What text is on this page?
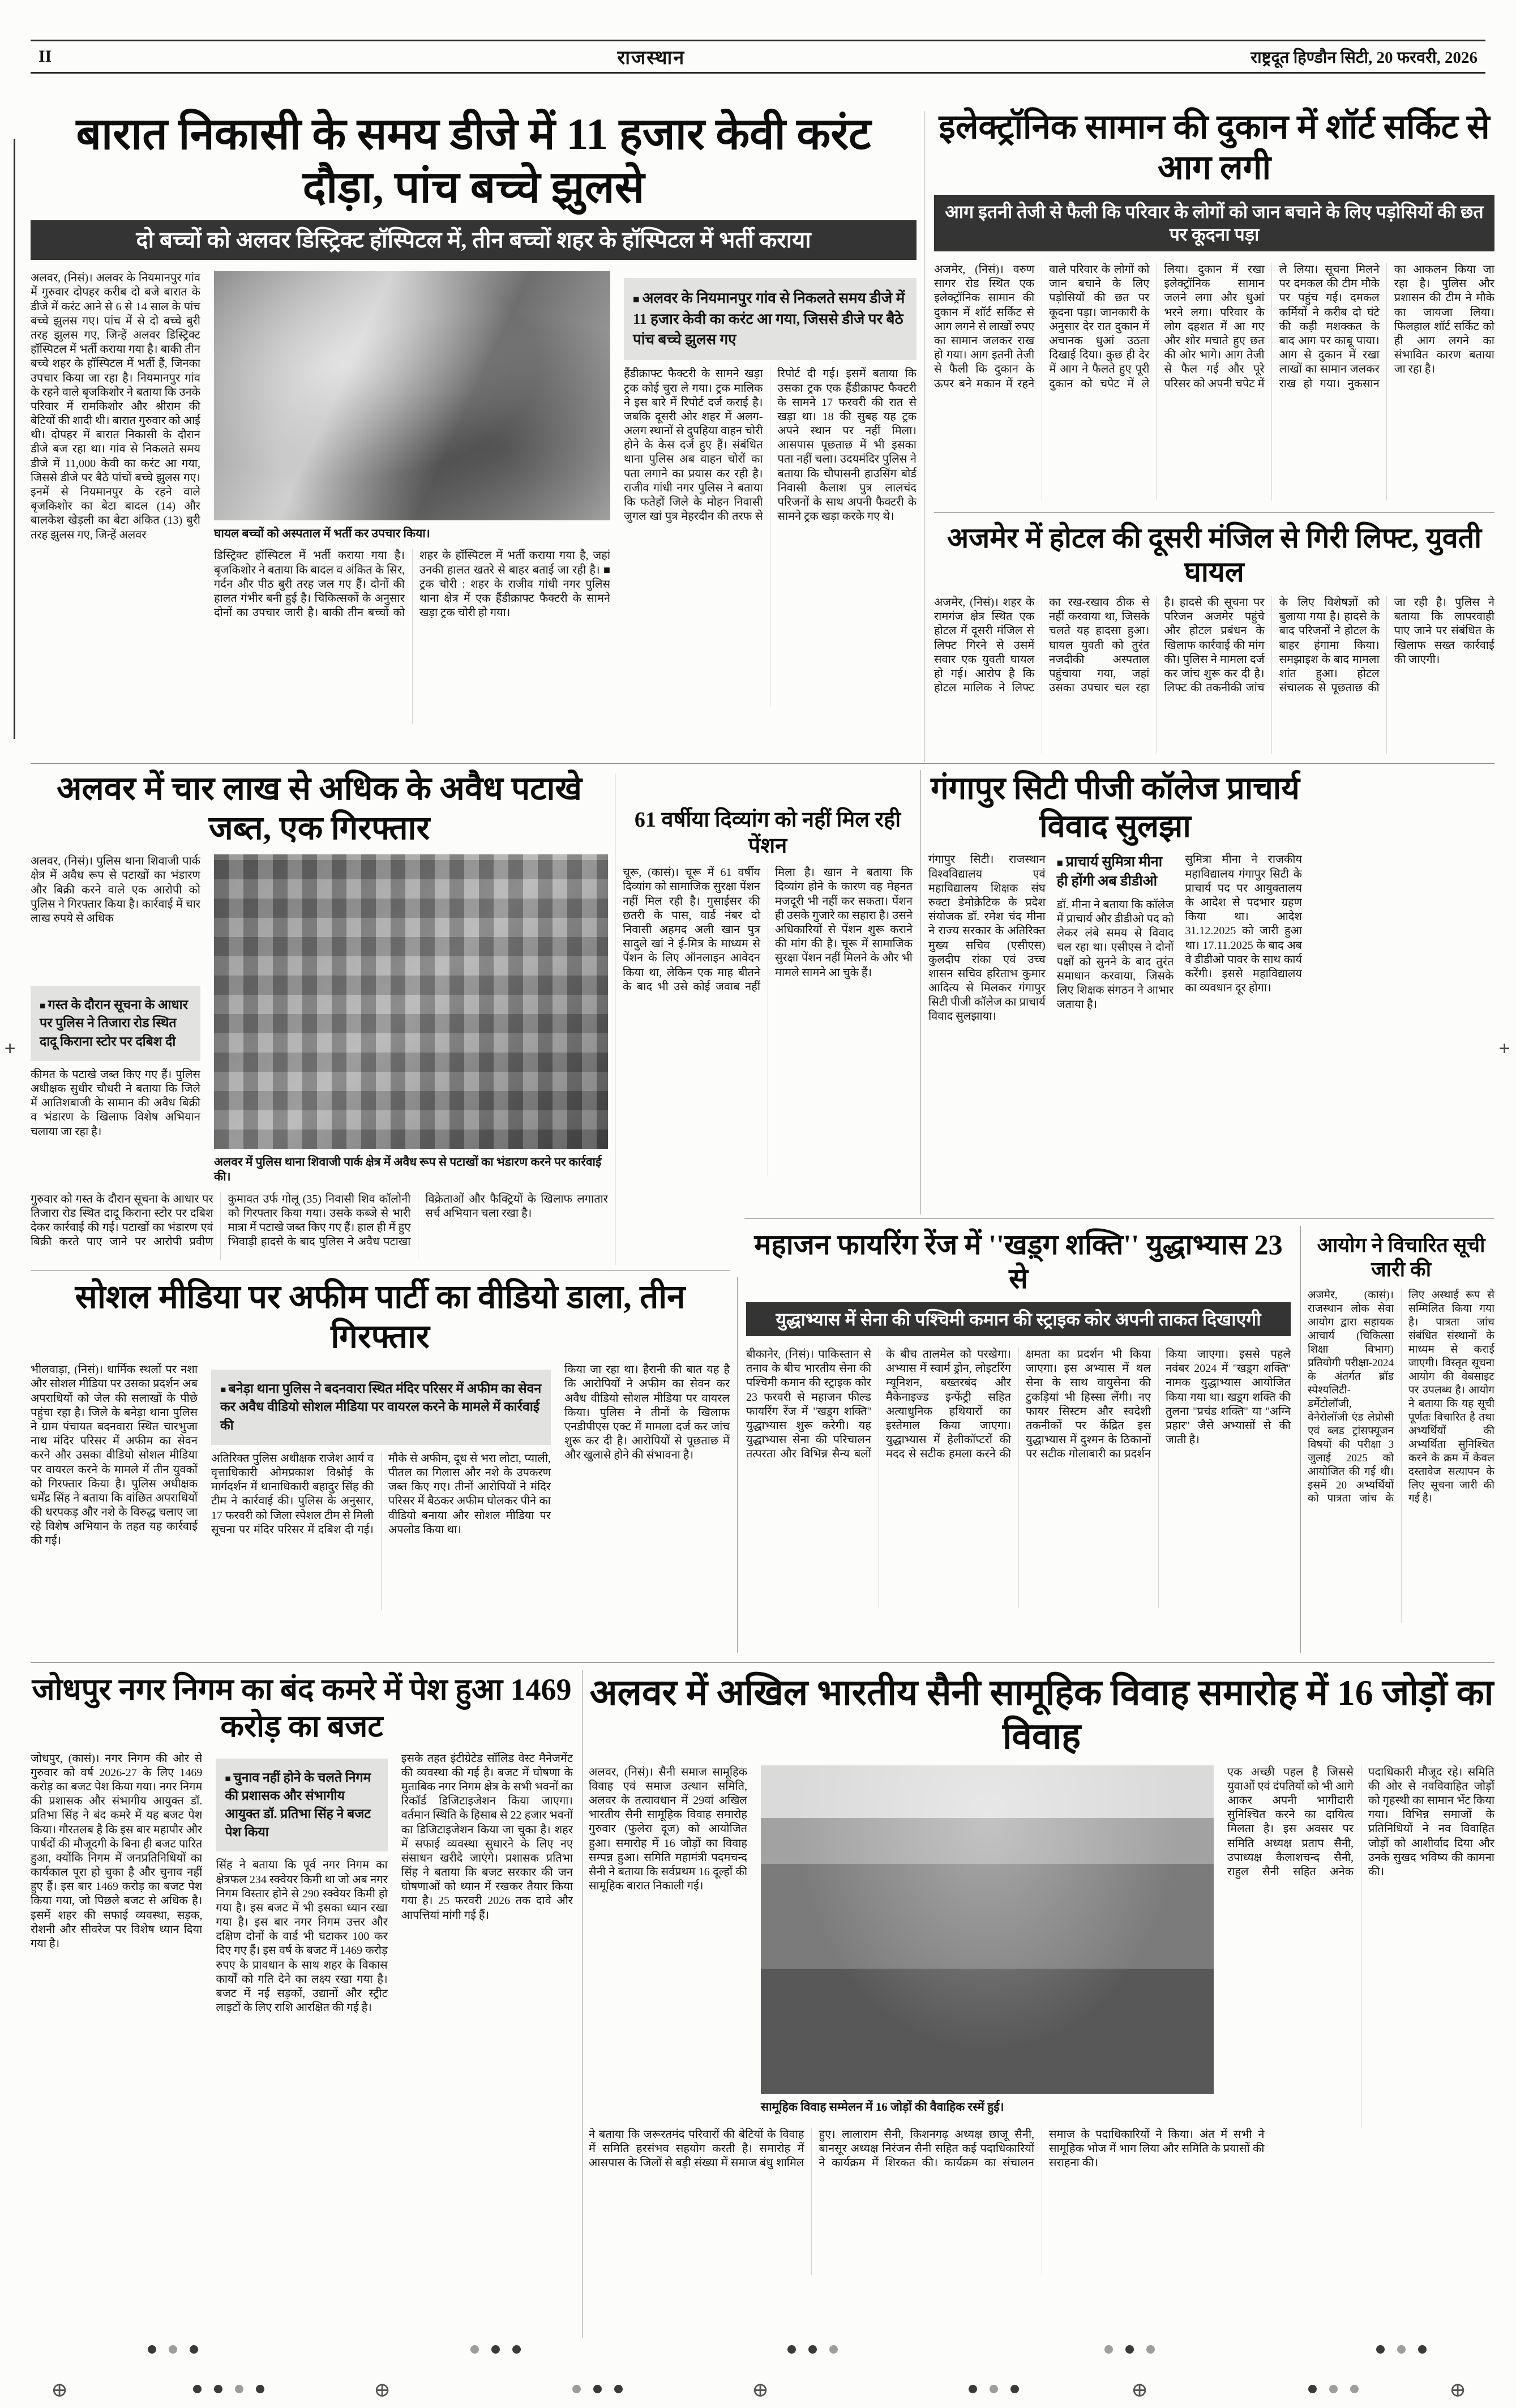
II	राजस्थान	राष्ट्रदूत हिण्डौन सिटी, 20 फरवरी, 2026
+	+
बारात निकासी के समय डीजे में 11 हजार केवी करंट दौड़ा, पांच बच्चे झुलसे
दो बच्चों को अलवर डिस्ट्रिक्ट हॉस्पिटल में, तीन बच्चों शहर के हॉस्पिटल में भर्ती कराया
अलवर, (निसं)। अलवर के नियमानपुर गांव में गुरुवार दोपहर करीब दो बजे बारात के डीजे में करंट आने से 6 से 14 साल के पांच बच्चे झुलस गए। पांच में से दो बच्चे बुरी तरह झुलस गए, जिन्हें अलवर डिस्ट्रिक्ट हॉस्पिटल में भर्ती कराया गया है। बाकी तीन बच्चे शहर के हॉस्पिटल में भर्ती हैं, जिनका उपचार किया जा रहा है। नियमानपुर गांव के रहने वाले बृजकिशोर ने बताया कि उनके परिवार में रामकिशोर और श्रीराम की बेटियों की शादी थी। बारात गुरुवार को आई थी। दोपहर में बारात निकासी के दौरान डीजे बज रहा था। गांव से निकलते समय डीजे में 11,000 केवी का करंट आ गया, जिससे डीजे पर बैठे पांचों बच्चे झुलस गए। इनमें से नियमानपुर के रहने वाले बृजकिशोर का बेटा बादल (14) और बालकेश खेड़ली का बेटा अंकित (13) बुरी तरह झुलस गए, जिन्हें अलवर	घायल बच्चों को अस्पताल में भर्ती कर उपचार किया।
डिस्ट्रिक्ट हॉस्पिटल में भर्ती कराया गया है। बृजकिशोर ने बताया कि बादल व अंकित के सिर, गर्दन और पीठ बुरी तरह जल गए हैं। दोनों की हालत गंभीर बनी हुई है। चिकित्सकों के अनुसार दोनों का उपचार जारी है। बाकी तीन बच्चों को शहर के हॉस्पिटल में भर्ती कराया गया है, जहां उनकी हालत खतरे से बाहर बताई जा रही है। ■ ट्रक चोरी : शहर के राजीव गांधी नगर पुलिस थाना क्षेत्र में एक हैंडीक्राफ्ट फैक्टरी के सामने खड़ा ट्रक चोरी हो गया।
■ अलवर के नियमानपुर गांव से निकलते समय डीजे में 11 हजार केवी का करंट आ गया, जिससे डीजे पर बैठे पांच बच्चे झुलस गए
हैंडीक्राफ्ट फैक्टरी के सामने खड़ा ट्रक कोई चुरा ले गया। ट्रक मालिक ने इस बारे में रिपोर्ट दर्ज कराई है। जबकि दूसरी ओर शहर में अलग-अलग स्थानों से दुपहिया वाहन चोरी होने के केस दर्ज हुए हैं। संबंधित थाना पुलिस अब वाहन चोरों का पता लगाने का प्रयास कर रही है। राजीव गांधी नगर पुलिस ने बताया कि फतेहों जिले के मोहन निवासी जुगल खां पुत्र मेहरदीन की तरफ से रिपोर्ट दी गई। इसमें बताया कि उसका ट्रक एक हैंडीक्राफ्ट फैक्टरी के सामने 17 फरवरी की रात से खड़ा था। 18 की सुबह यह ट्रक अपने स्थान पर नहीं मिला। आसपास पूछताछ में भी इसका पता नहीं चला। उदयमंदिर पुलिस ने बताया कि चौपासनी हाउसिंग बोर्ड निवासी कैलाश पुत्र लालचंद परिजनों के साथ अपनी फैक्टरी के सामने ट्रक खड़ा करके गए थे।
इलेक्ट्रॉनिक सामान की दुकान में शॉर्ट सर्किट से आग लगी
आग इतनी तेजी से फैली कि परिवार के लोगों को जान बचाने के लिए पड़ोसियों की छत पर कूदना पड़ा
अजमेर, (निसं)। वरुण सागर रोड स्थित एक इलेक्ट्रॉनिक सामान की दुकान में शॉर्ट सर्किट से आग लगने से लाखों रुपए का सामान जलकर राख हो गया। आग इतनी तेजी से फैली कि दुकान के ऊपर बने मकान में रहने वाले परिवार के लोगों को जान बचाने के लिए पड़ोसियों की छत पर कूदना पड़ा। जानकारी के अनुसार देर रात दुकान में अचानक धुआं उठता दिखाई दिया। कुछ ही देर में आग ने फैलते हुए पूरी दुकान को चपेट में ले लिया। दुकान में रखा इलेक्ट्रॉनिक सामान जलने लगा और धुआं भरने लगा। परिवार के लोग दहशत में आ गए और शोर मचाते हुए छत की ओर भागे। आग तेजी से फैल गई और पूरे परिसर को अपनी चपेट में ले लिया। सूचना मिलने पर दमकल की टीम मौके पर पहुंच गई। दमकल कर्मियों ने करीब दो घंटे की कड़ी मशक्कत के बाद आग पर काबू पाया। आग से दुकान में रखा लाखों का सामान जलकर राख हो गया। नुकसान का आकलन किया जा रहा है। पुलिस और प्रशासन की टीम ने मौके का जायजा लिया। फिलहाल शॉर्ट सर्किट को ही आग लगने का संभावित कारण बताया जा रहा है।
अजमेर में होटल की दूसरी मंजिल से गिरी लिफ्ट, युवती घायल
अजमेर, (निसं)। शहर के रामगंज क्षेत्र स्थित एक होटल में दूसरी मंजिल से लिफ्ट गिरने से उसमें सवार एक युवती घायल हो गई। आरोप है कि होटल मालिक ने लिफ्ट का रख-रखाव ठीक से नहीं करवाया था, जिसके चलते यह हादसा हुआ। घायल युवती को तुरंत नजदीकी अस्पताल पहुंचाया गया, जहां उसका उपचार चल रहा है। हादसे की सूचना पर परिजन अजमेर पहुंचे और होटल प्रबंधन के खिलाफ कार्रवाई की मांग की। पुलिस ने मामला दर्ज कर जांच शुरू कर दी है। लिफ्ट की तकनीकी जांच के लिए विशेषज्ञों को बुलाया गया है। हादसे के बाद परिजनों ने होटल के बाहर हंगामा किया। समझाइश के बाद मामला शांत हुआ। होटल संचालक से पूछताछ की जा रही है। पुलिस ने बताया कि लापरवाही पाए जाने पर संबंधित के खिलाफ सख्त कार्रवाई की जाएगी।
अलवर में चार लाख से अधिक के अवैध पटाखे जब्त, एक गिरफ्तार
अलवर, (निसं)। पुलिस थाना शिवाजी पार्क क्षेत्र में अवैध रूप से पटाखों का भंडारण और बिक्री करने वाले एक आरोपी को पुलिस ने गिरफ्तार किया है। कार्रवाई में चार लाख रुपये से अधिक
■ गस्त के दौरान सूचना के आधार पर पुलिस ने तिजारा रोड स्थित दादू किराना स्टोर पर दबिश दी
कीमत के पटाखे जब्त किए गए हैं। पुलिस अधीक्षक सुधीर चौधरी ने बताया कि जिले में आतिशबाजी के सामान की अवैध बिक्री व भंडारण के खिलाफ विशेष अभियान चलाया जा रहा है।
अलवर में पुलिस थाना शिवाजी पार्क क्षेत्र में अवैध रूप से पटाखों का भंडारण करने पर कार्रवाई की।
गुरुवार को गस्त के दौरान सूचना के आधार पर तिजारा रोड स्थित दादू किराना स्टोर पर दबिश देकर कार्रवाई की गई। पटाखों का भंडारण एवं बिक्री करते पाए जाने पर आरोपी प्रवीण कुमावत उर्फ गोलू (35) निवासी शिव कॉलोनी को गिरफ्तार किया गया। उसके कब्जे से भारी मात्रा में पटाखे जब्त किए गए हैं। हाल ही में हुए भिवाड़ी हादसे के बाद पुलिस ने अवैध पटाखा विक्रेताओं और फैक्ट्रियों के खिलाफ लगातार सर्च अभियान चला रखा है।
61 वर्षीया दिव्यांग को नहीं मिल रही पेंशन
चूरू, (कासं)। चूरू में 61 वर्षीय दिव्यांग को सामाजिक सुरक्षा पेंशन नहीं मिल रही है। गुसाईसर की छतरी के पास, वार्ड नंबर दो निवासी अहमद अली खान पुत्र सादुले खां ने ई-मित्र के माध्यम से पेंशन के लिए ऑनलाइन आवेदन किया था, लेकिन एक माह बीतने के बाद भी उसे कोई जवाब नहीं मिला है। खान ने बताया कि दिव्यांग होने के कारण वह मेहनत मजदूरी भी नहीं कर सकता। पेंशन ही उसके गुजारे का सहारा है। उसने अधिकारियों से पेंशन शुरू कराने की मांग की है। चूरू में सामाजिक सुरक्षा पेंशन नहीं मिलने के और भी मामले सामने आ चुके हैं।
गंगापुर सिटी पीजी कॉलेज प्राचार्य विवाद सुलझा
गंगापुर सिटी। राजस्थान विश्वविद्यालय एवं महाविद्यालय शिक्षक संघ रुक्टा डेमोक्रेटिक के प्रदेश संयोजक डॉ. रमेश चंद मीना ने राज्य सरकार के अतिरिक्त मुख्य सचिव (एसीएस) कुलदीप रांका एवं उच्च शासन सचिव हरिताभ कुमार आदित्य से मिलकर गंगापुर सिटी पीजी कॉलेज का प्राचार्य विवाद सुलझाया।
■ प्राचार्य सुमित्रा मीना ही होंगी अब डीडीओ
डॉ. मीना ने बताया कि कॉलेज में प्राचार्य और डीडीओ पद को लेकर लंबे समय से विवाद चल रहा था। एसीएस ने दोनों पक्षों को सुनने के बाद तुरंत समाधान करवाया, जिसके लिए शिक्षक संगठन ने आभार जताया है।
सुमित्रा मीना ने राजकीय महाविद्यालय गंगापुर सिटी के प्राचार्य पद पर आयुक्तालय के आदेश से पदभार ग्रहण किया था। आदेश 31.12.2025 को जारी हुआ था। 17.11.2025 के बाद अब वे डीडीओ पावर के साथ कार्य करेंगी। इससे महाविद्यालय का व्यवधान दूर होगा।
सोशल मीडिया पर अफीम पार्टी का वीडियो डाला, तीन गिरफ्तार
भीलवाड़ा, (निसं)। धार्मिक स्थलों पर नशा और सोशल मीडिया पर उसका प्रदर्शन अब अपराधियों को जेल की सलाखों के पीछे पहुंचा रहा है। जिले के बनेड़ा थाना पुलिस ने ग्राम पंचायत बदनवारा स्थित चारभुजा नाथ मंदिर परिसर में अफीम का सेवन करने और उसका वीडियो सोशल मीडिया पर वायरल करने के मामले में तीन युवकों को गिरफ्तार किया है। पुलिस अधीक्षक धर्मेंद्र सिंह ने बताया कि वांछित अपराधियों की धरपकड़ और नशे के विरुद्ध चलाए जा रहे विशेष अभियान के तहत यह कार्रवाई की गई।
■ बनेड़ा थाना पुलिस ने बदनवारा स्थित मंदिर परिसर में अफीम का सेवन कर अवैध वीडियो सोशल मीडिया पर वायरल करने के मामले में कार्रवाई की
अतिरिक्त पुलिस अधीक्षक राजेश आर्य व वृत्ताधिकारी ओमप्रकाश विश्नोई के मार्गदर्शन में थानाधिकारी बहादुर सिंह की टीम ने कार्रवाई की। पुलिस के अनुसार, 17 फरवरी को जिला स्पेशल टीम से मिली सूचना पर मंदिर परिसर में दबिश दी गई। मौके से अफीम, दूध से भरा लोटा, प्याली, पीतल का गिलास और नशे के उपकरण जब्त किए गए। तीनों आरोपियों ने मंदिर परिसर में बैठकर अफीम घोलकर पीने का वीडियो बनाया और सोशल मीडिया पर अपलोड किया था।
किया जा रहा था। हैरानी की बात यह है कि आरोपियों ने अफीम का सेवन कर अवैध वीडियो सोशल मीडिया पर वायरल किया। पुलिस ने तीनों के खिलाफ एनडीपीएस एक्ट में मामला दर्ज कर जांच शुरू कर दी है। आरोपियों से पूछताछ में और खुलासे होने की संभावना है।
महाजन फायरिंग रेंज में ''खड़्ग शक्ति'' युद्धाभ्यास 23 से
युद्धाभ्यास में सेना की पश्चिमी कमान की स्ट्राइक कोर अपनी ताकत दिखाएगी
बीकानेर, (निसं)। पाकिस्तान से तनाव के बीच भारतीय सेना की पश्चिमी कमान की स्ट्राइक कोर 23 फरवरी से महाजन फील्ड फायरिंग रेंज में ''खड़्ग शक्ति'' युद्धाभ्यास शुरू करेगी। यह युद्धाभ्यास सेना की परिचालन तत्परता और विभिन्न सैन्य बलों के बीच तालमेल को परखेगा। अभ्यास में स्वार्म ड्रोन, लोइटरिंग म्यूनिशन, बख्तरबंद और मैकेनाइज्ड इन्फेंट्री सहित अत्याधुनिक हथियारों का इस्तेमाल किया जाएगा। युद्धाभ्यास में हेलीकॉप्टरों की मदद से सटीक हमला करने की क्षमता का प्रदर्शन भी किया जाएगा। इस अभ्यास में थल सेना के साथ वायुसेना की टुकड़ियां भी हिस्सा लेंगी। नए फायर सिस्टम और स्वदेशी तकनीकों पर केंद्रित इस युद्धाभ्यास में दुश्मन के ठिकानों पर सटीक गोलाबारी का प्रदर्शन किया जाएगा। इससे पहले नवंबर 2024 में ''खड़्ग शक्ति'' नामक युद्धाभ्यास आयोजित किया गया था। खड़्ग शक्ति की तुलना ''प्रचंड शक्ति'' या ''अग्नि प्रहार'' जैसे अभ्यासों से की जाती है।
आयोग ने विचारित सूची जारी की
अजमेर, (कासं)। राजस्थान लोक सेवा आयोग द्वारा सहायक आचार्य (चिकित्सा शिक्षा विभाग) प्रतियोगी परीक्षा-2024 के अंतर्गत ब्रॉड स्पेश्यलिटी-डर्मेटोलॉजी, वेनेरोलॉजी एंड लेप्रोसी एवं ब्लड ट्रांसफ्यूजन विषयों की परीक्षा 3 जुलाई 2025 को आयोजित की गई थी। इसमें 20 अभ्यर्थियों को पात्रता जांच के लिए अस्थाई रूप से सम्मिलित किया गया है। पात्रता जांच संबंधित संस्थानों के माध्यम से कराई जाएगी। विस्तृत सूचना आयोग की वेबसाइट पर उपलब्ध है। आयोग ने बताया कि यह सूची पूर्णतः विचारित है तथा अभ्यर्थियों की अभ्यर्थिता सुनिश्चित करने के क्रम में केवल दस्तावेज सत्यापन के लिए सूचना जारी की गई है।
जोधपुर नगर निगम का बंद कमरे में पेश हुआ 1469 करोड़ का बजट
जोधपुर, (कासं)। नगर निगम की ओर से गुरुवार को वर्ष 2026-27 के लिए 1469 करोड़ का बजट पेश किया गया। नगर निगम की प्रशासक और संभागीय आयुक्त डॉ. प्रतिभा सिंह ने बंद कमरे में यह बजट पेश किया। गौरतलब है कि इस बार महापौर और पार्षदों की मौजूदगी के बिना ही बजट पारित हुआ, क्योंकि निगम में जनप्रतिनिधियों का कार्यकाल पूरा हो चुका है और चुनाव नहीं हुए हैं। इस बार 1469 करोड़ का बजट पेश किया गया, जो पिछले बजट से अधिक है। इसमें शहर की सफाई व्यवस्था, सड़क, रोशनी और सीवरेज पर विशेष ध्यान दिया गया है।
■ चुनाव नहीं होने के चलते निगम की प्रशासक और संभागीय आयुक्त डॉ. प्रतिभा सिंह ने बजट पेश किया
सिंह ने बताया कि पूर्व नगर निगम का क्षेत्रफल 234 स्क्वेयर किमी था जो अब नगर निगम विस्तार होने से 290 स्क्वेयर किमी हो गया है। इस बजट में भी इसका ध्यान रखा गया है। इस बार नगर निगम उत्तर और दक्षिण दोनों के वार्ड भी घटाकर 100 कर दिए गए हैं। इस वर्ष के बजट में 1469 करोड़ रुपए के प्रावधान के साथ शहर के विकास कार्यों को गति देने का लक्ष्य रखा गया है। बजट में नई सड़कों, उद्यानों और स्ट्रीट लाइटों के लिए राशि आरक्षित की गई है।
इसके तहत इंटीग्रेटेड सॉलिड वेस्ट मैनेजमेंट की व्यवस्था की गई है। बजट में घोषणा के मुताबिक नगर निगम क्षेत्र के सभी भवनों का रिकॉर्ड डिजिटाइजेशन किया जाएगा। वर्तमान स्थिति के हिसाब से 22 हजार भवनों का डिजिटाइजेशन किया जा चुका है। शहर में सफाई व्यवस्था सुधारने के लिए नए संसाधन खरीदे जाएंगे। प्रशासक प्रतिभा सिंह ने बताया कि बजट सरकार की जन घोषणाओं को ध्यान में रखकर तैयार किया गया है। 25 फरवरी 2026 तक दावे और आपत्तियां मांगी गई हैं।
अलवर में अखिल भारतीय सैनी सामूहिक विवाह समारोह में 16 जोड़ों का विवाह
अलवर, (निसं)। सैनी समाज सामूहिक विवाह एवं समाज उत्थान समिति, अलवर के तत्वावधान में 29वां अखिल भारतीय सैनी सामूहिक विवाह समारोह गुरुवार (फुलेरा दूज) को आयोजित हुआ। समारोह में 16 जोड़ों का विवाह सम्पन्न हुआ। समिति महामंत्री पदमचन्द सैनी ने बताया कि सर्वप्रथम 16 दूल्हों की सामूहिक बारात निकाली गई।
सामूहिक विवाह सम्मेलन में 16 जोड़ों की वैवाहिक रस्में हुई।
एक अच्छी पहल है जिससे युवाओं एवं दंपतियों को भी आगे आकर अपनी भागीदारी सुनिश्चित करने का दायित्व मिलता है। इस अवसर पर समिति अध्यक्ष प्रताप सैनी, उपाध्यक्ष कैलाशचन्द सैनी, राहुल सैनी सहित अनेक पदाधिकारी मौजूद रहे। समिति की ओर से नवविवाहित जोड़ों को गृहस्थी का सामान भेंट किया गया। विभिन्न समाजों के प्रतिनिधियों ने नव विवाहित जोड़ों को आशीर्वाद दिया और उनके सुखद भविष्य की कामना की।
ने बताया कि जरूरतमंद परिवारों की बेटियों के विवाह में समिति हरसंभव सहयोग करती है। समारोह में आसपास के जिलों से बड़ी संख्या में समाज बंधु शामिल हुए। लालाराम सैनी, किशनगढ़ अध्यक्ष छाजू सैनी, बानसूर अध्यक्ष निरंजन सैनी सहित कई पदाधिकारियों ने कार्यक्रम में शिरकत की। कार्यक्रम का संचालन समाज के पदाधिकारियों ने किया। अंत में सभी ने सामूहिक भोज में भाग लिया और समिति के प्रयासों की सराहना की।
⊕	⊕	⊕	⊕	⊕
